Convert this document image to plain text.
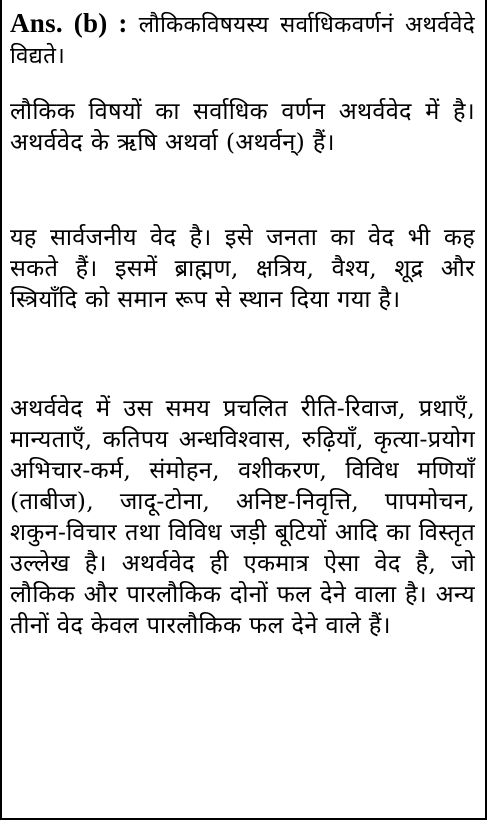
Ans. (b) : लौकिकविषयस्य सर्वाधिकवर्णनं अथर्ववेदे विद्यते।
लौकिक विषयों का सर्वाधिक वर्णन अथर्ववेद में है। अथर्ववेद के ऋषि अथर्वा (अथर्वन्) हैं।
यह सार्वजनीय वेद है। इसे जनता का वेद भी कह सकते हैं। इसमें ब्राह्मण, क्षत्रिय, वैश्य, शूद्र और स्त्रियाँदि को समान रूप से स्थान दिया गया है।
अथर्ववेद में उस समय प्रचलित रीति-रिवाज, प्रथाएँ, मान्यताएँ, कतिपय अन्धविश्वास, रुढ़ियाँ, कृत्या-प्रयोग अभिचार-कर्म, संमोहन, वशीकरण, विविध मणियाँ (ताबीज), जादू-टोना, अनिष्ट-निवृत्ति, पापमोचन, शकुन-विचार तथा विविध जड़ी बूटियों आदि का विस्तृत उल्लेख है। अथर्ववेद ही एकमात्र ऐसा वेद है, जो लौकिक और पारलौकिक दोनों फल देने वाला है। अन्य तीनों वेद केवल पारलौकिक फल देने वाले हैं।
